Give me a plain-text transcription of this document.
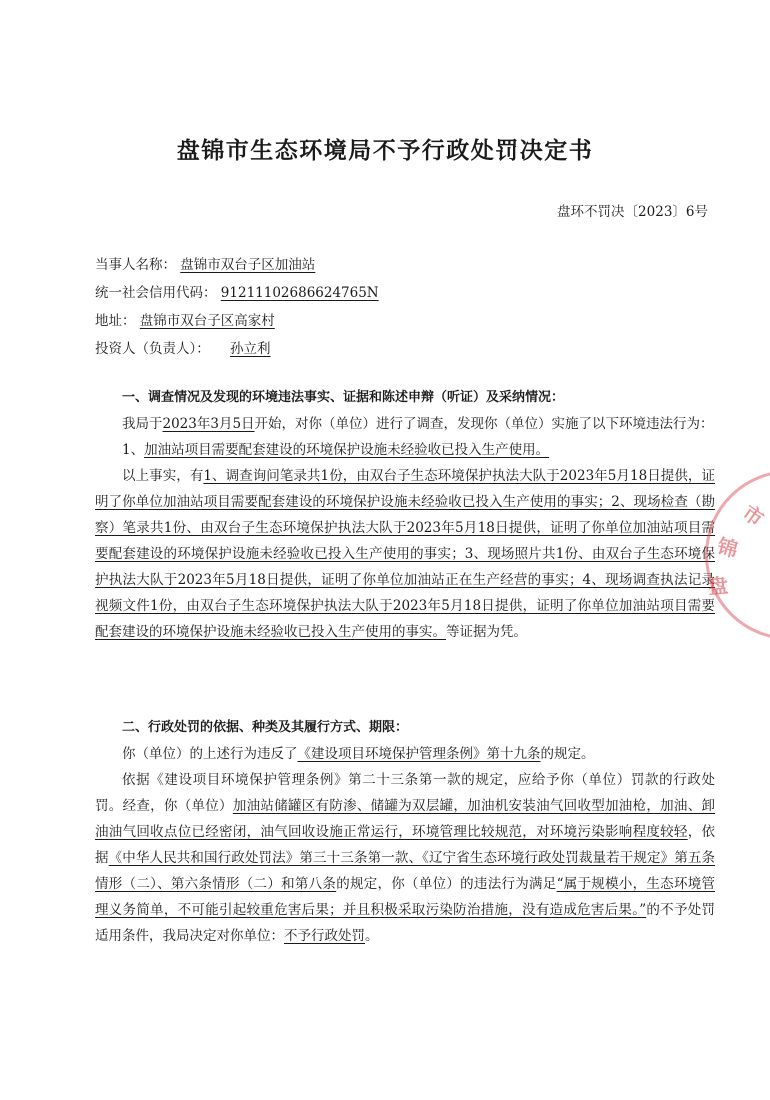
盘锦市生态环境局不予行政处罚决定书
盘环不罚决〔2023〕6号
当事人名称： 盘锦市双台子区加油站
统一社会信用代码： 91211102686624765N
地址： 盘锦市双台子区高家村
投资人（负责人）： 孙立利

一、调查情况及发现的环境违法事实、证据和陈述申辩（听证）及采纳情况：

我局于2023年3月5日开始，对你（单位）进行了调查，发现你（单位）实施了以下环境违法行为：

1、加油站项目需要配套建设的环境保护设施未经验收已投入生产使用。

以上事实，有1、调查询问笔录共1份，由双台子生态环境保护执法大队于2023年5月18日提供，证明了你单位加油站项目需要配套建设的环境保护设施未经验收已投入生产使用的事实；2、现场检查（勘察）笔录共1份、由双台子生态环境保护执法大队于2023年5月18日提供，证明了你单位加油站项目需要配套建设的环境保护设施未经验收已投入生产使用的事实；3、现场照片共1份、由双台子生态环境保护执法大队于2023年5月18日提供，证明了你单位加油站正在生产经营的事实；4、现场调查执法记录视频文件1份，由双台子生态环境保护执法大队于2023年5月18日提供，证明了你单位加油站项目需要配套建设的环境保护设施未经验收已投入生产使用的事实。等证据为凭。

二、行政处罚的依据、种类及其履行方式、期限：

你（单位）的上述行为违反了《建设项目环境保护管理条例》第十九条的规定。

依据《建设项目环境保护管理条例》第二十三条第一款的规定，应给予你（单位）罚款的行政处罚。经查，你（单位）加油站储罐区有防渗、储罐为双层罐，加油机安装油气回收型加油枪，加油、卸油油气回收点位已经密闭，油气回收设施正常运行，环境管理比较规范，对环境污染影响程度较轻，依据《中华人民共和国行政处罚法》第三十三条第一款、《辽宁省生态环境行政处罚裁量若干规定》第五条情形（二）、第六条情形（二）和第八条的规定，你（单位）的违法行为满足“属于规模小，生态环境管理义务简单，不可能引起较重危害后果；并且积极采取污染防治措施，没有造成危害后果。”的不予处罚适用条件，我局决定对你单位：不予行政处罚。

市
锦
盘
